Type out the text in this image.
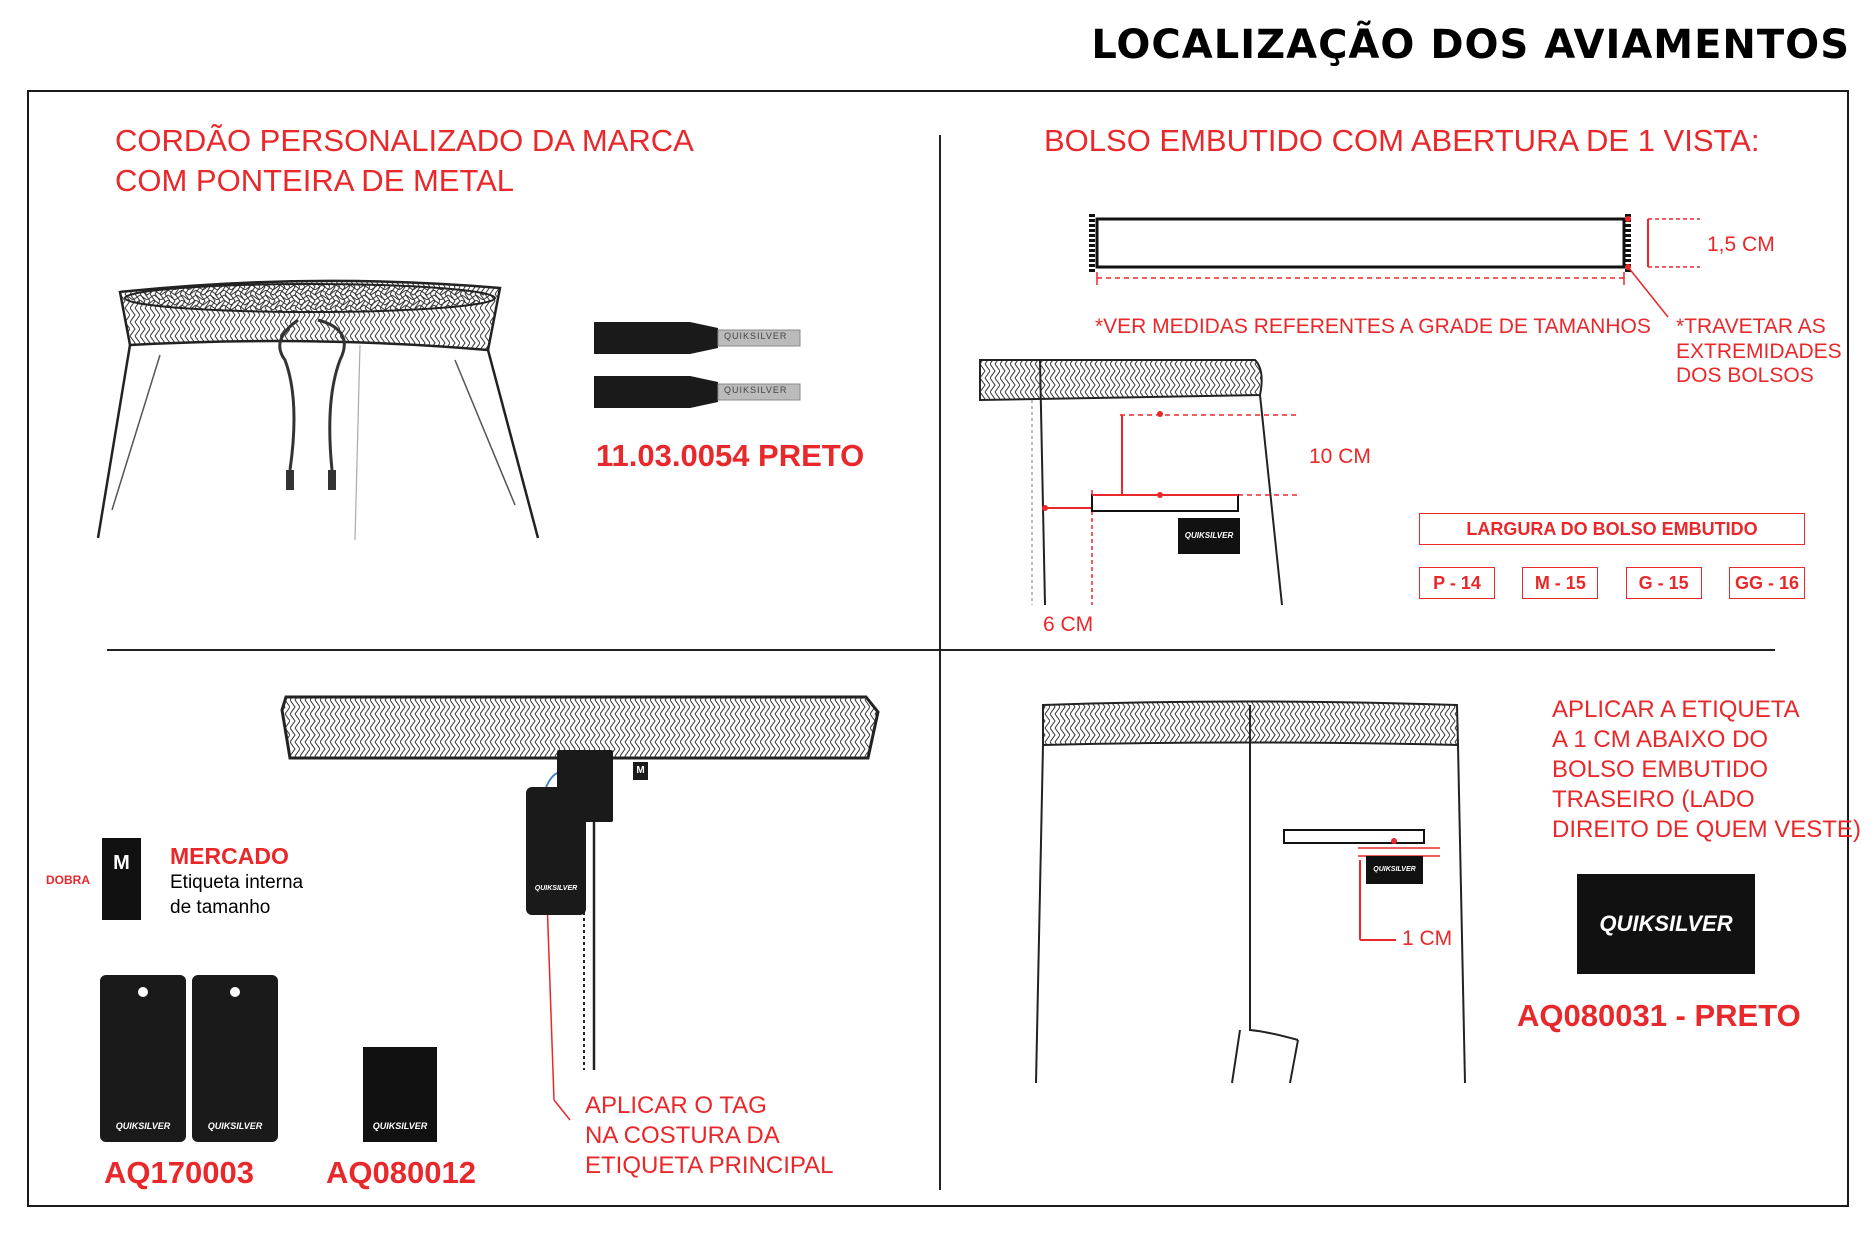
LOCALIZAÇÃO DOS AVIAMENTOS
CORDÃO PERSONALIZADO DA MARCA
COM PONTEIRA DE METAL
QUIKSILVER
QUIKSILVER
11.03.0054 PRETO
BOLSO EMBUTIDO COM ABERTURA DE 1 VISTA:
1,5 CM
*VER MEDIDAS REFERENTES A GRADE DE TAMANHOS *TRAVETAR AS
EXTREMIDADES
DOS BOLSOS
10 CM
6 CM
QUIKSILVER	LARGURA DO BOLSO EMBUTIDO
P - 14	M - 15	G - 15	GG - 16
M
QUIKSILVER
DOBRA
M	MERCADO
Etiqueta interna
de tamanho
QUIKSILVER	QUIKSILVER
AQ170003
QUIKSILVER
AQ080012
APLICAR O TAG
NA COSTURA DA
ETIQUETA PRINCIPAL
QUIKSILVER
1 CM
APLICAR A ETIQUETA
A 1 CM ABAIXO DO
BOLSO EMBUTIDO
TRASEIRO (LADO
DIREITO DE QUEM VESTE)
QUIKSILVER
AQ080031 - PRETO
